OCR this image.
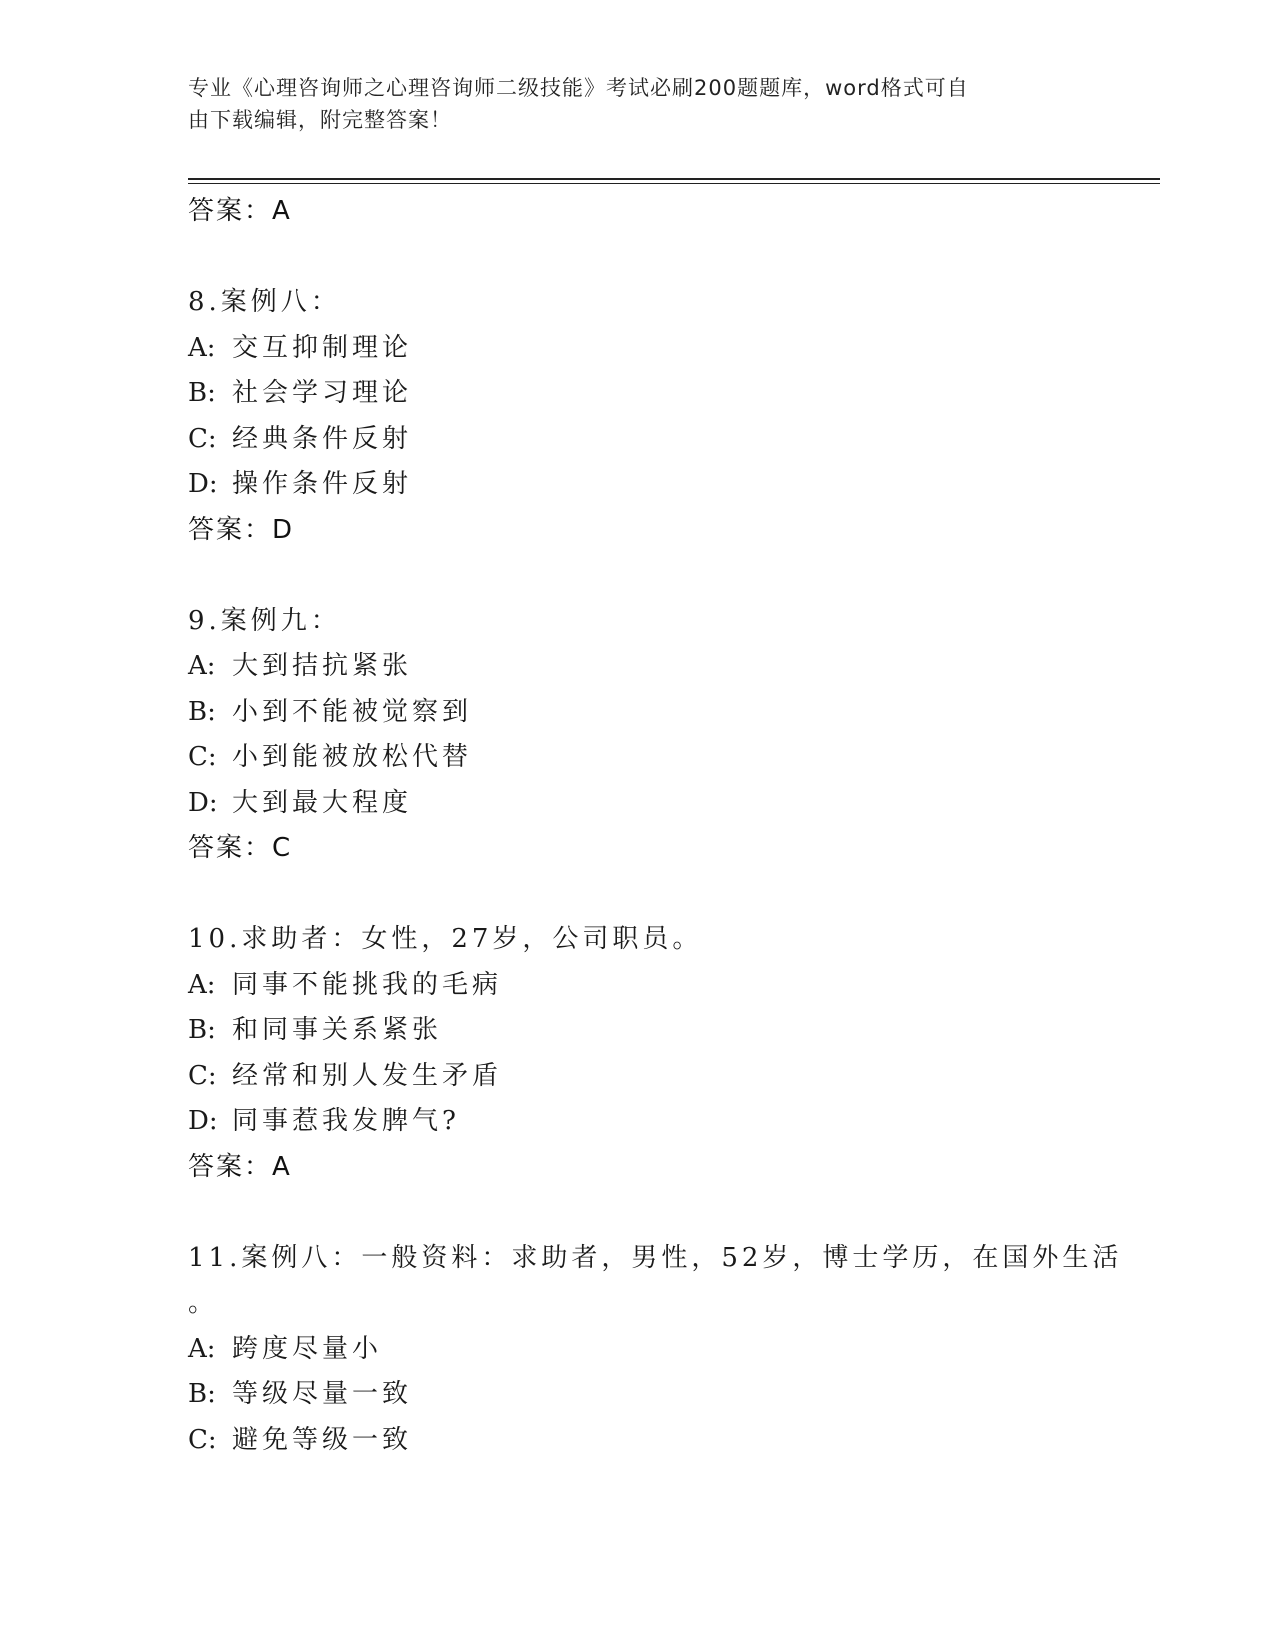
专业《心理咨询师之心理咨询师二级技能》考试必刷200题题库，word格式可自
由下载编辑，附完整答案！
答案：A
8.案例八：
A: 交互抑制理论
B: 社会学习理论
C: 经典条件反射
D: 操作条件反射
答案：D
9.案例九：
A: 大到拮抗紧张
B: 小到不能被觉察到
C: 小到能被放松代替
D: 大到最大程度
答案：C
10.求助者：女性，27岁，公司职员。
A: 同事不能挑我的毛病
B: 和同事关系紧张
C: 经常和别人发生矛盾
D: 同事惹我发脾气?
答案：A
11.案例八：一般资料：求助者，男性，52岁，博士学历，在国外生活
。
A: 跨度尽量小
B: 等级尽量一致
C: 避免等级一致
